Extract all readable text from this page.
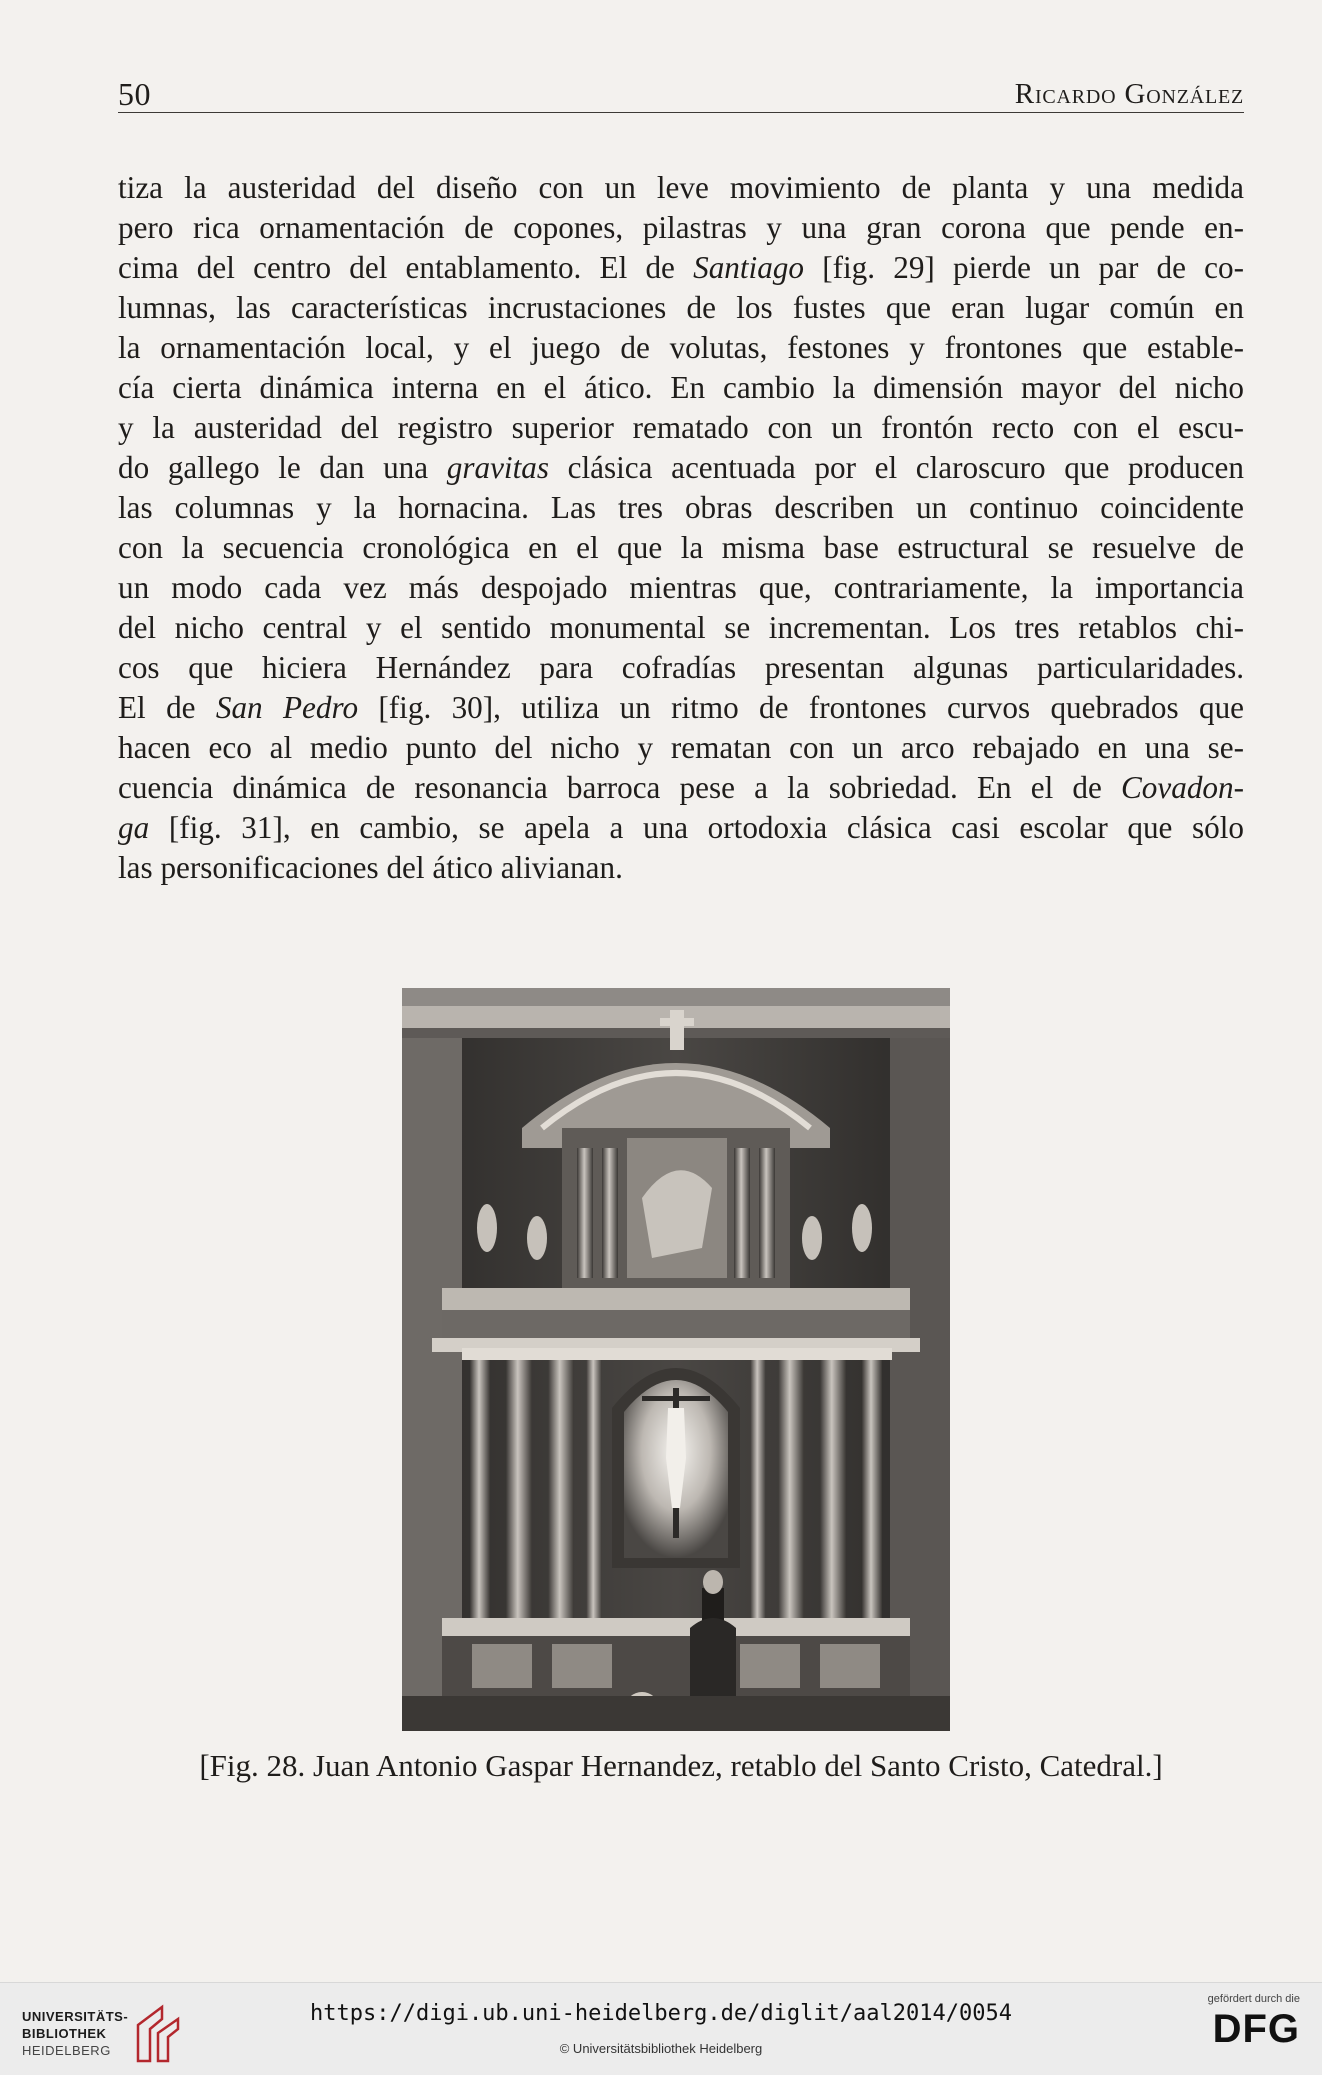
50	Ricardo González
tiza la austeridad del diseño con un leve movimiento de planta y una medida
pero rica ornamentación de copones, pilastras y una gran corona que pende en-
cima del centro del entablamento. El de Santiago [fig. 29] pierde un par de co-
lumnas, las características incrustaciones de los fustes que eran lugar común en
la ornamentación local, y el juego de volutas, festones y frontones que estable-
cía cierta dinámica interna en el ático. En cambio la dimensión mayor del nicho
y la austeridad del registro superior rematado con un frontón recto con el escu-
do gallego le dan una gravitas clásica acentuada por el claroscuro que producen
las columnas y la hornacina. Las tres obras describen un continuo coincidente
con la secuencia cronológica en el que la misma base estructural se resuelve de
un modo cada vez más despojado mientras que, contrariamente, la importancia
del nicho central y el sentido monumental se incrementan. Los tres retablos chi-
cos que hiciera Hernández para cofradías presentan algunas particularidades.
El de San Pedro [fig. 30], utiliza un ritmo de frontones curvos quebrados que
hacen eco al medio punto del nicho y rematan con un arco rebajado en una se-
cuencia dinámica de resonancia barroca pese a la sobriedad. En el de Covadon-
ga [fig. 31], en cambio, se apela a una ortodoxia clásica casi escolar que sólo
las personificaciones del ático alivianan.
[Fig. 28. Juan Antonio Gaspar Hernandez, retablo del Santo Cristo, Catedral.]
UNIVERSITÄTS-
BIBLIOTHEK
HEIDELBERG
https://digi.ub.uni-heidelberg.de/diglit/aal2014/0054
© Universitätsbibliothek Heidelberg
gefördert durch die
DFG
